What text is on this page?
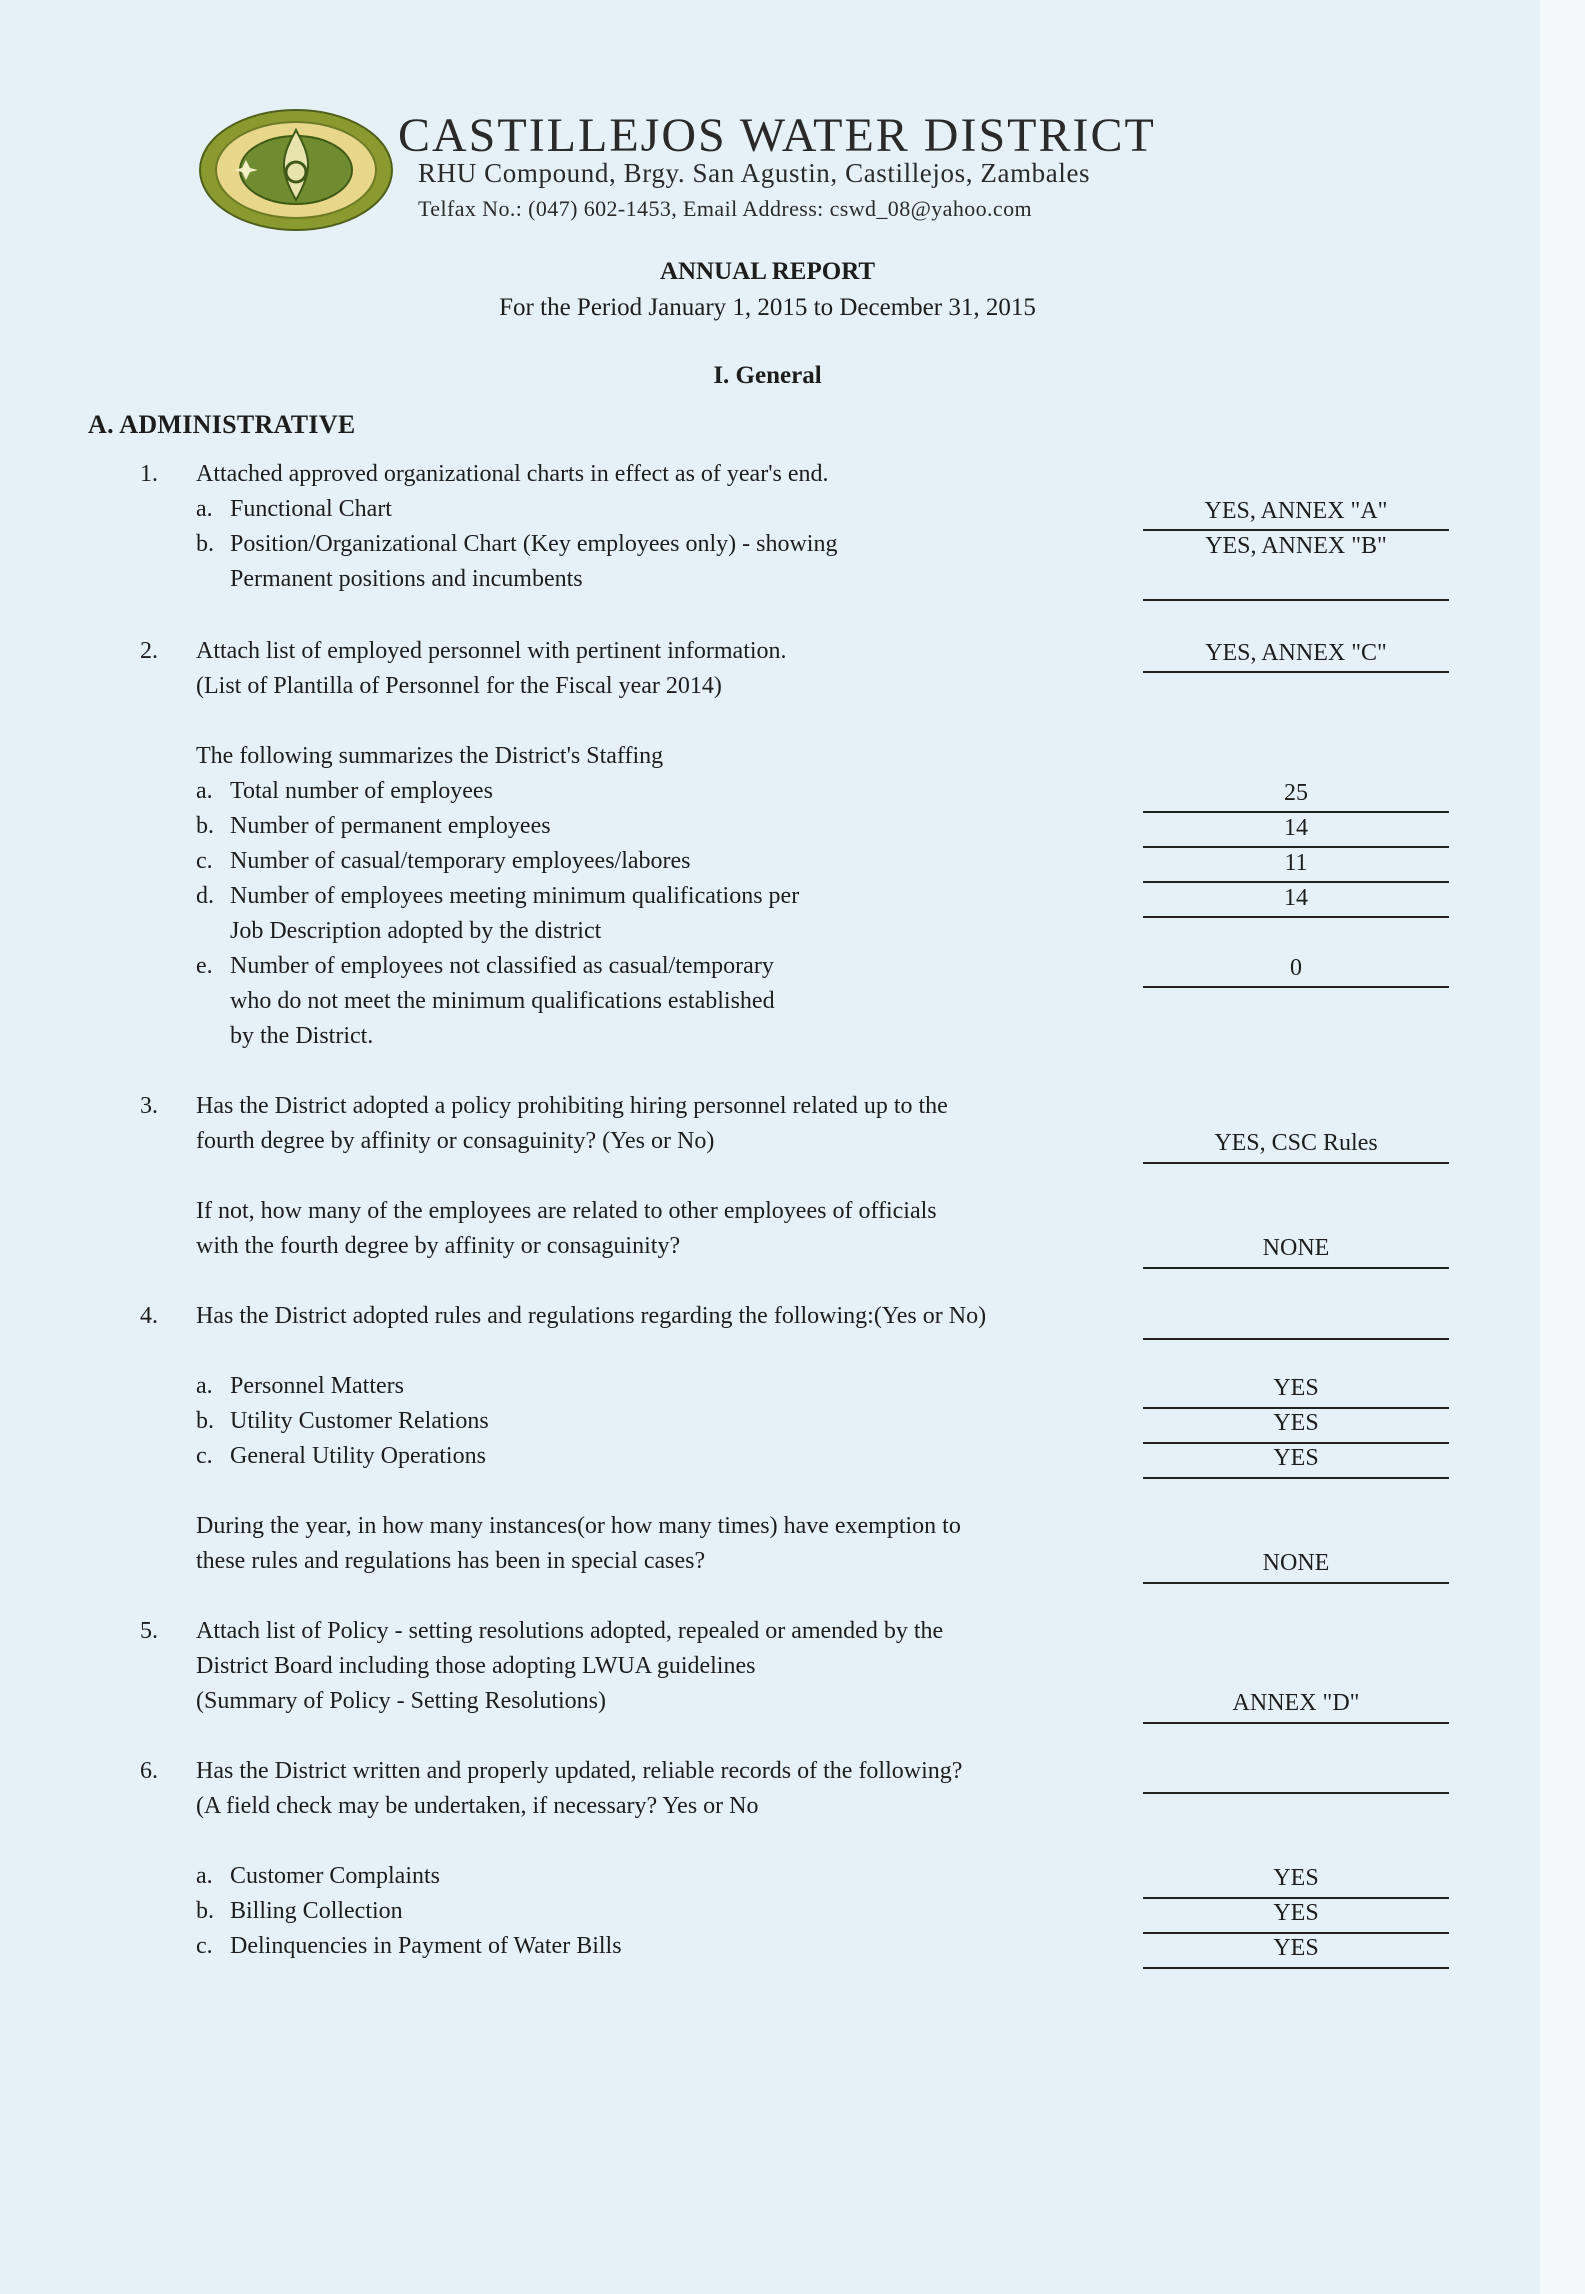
CASTILLEJOS WATER DISTRICT
RHU Compound, Brgy. San Agustin, Castillejos, Zambales
Telfax No.: (047) 602-1453, Email Address: cswd_08@yahoo.com
ANNUAL REPORT
For the Period January 1, 2015 to December 31, 2015
I. General
A. ADMINISTRATIVE
1. Attached approved organizational charts in effect as of year's end.
a. Functional Chart	YES, ANNEX "A"
b. Position/Organizational Chart (Key employees only) - showing	YES, ANNEX "B"
Permanent positions and incumbents
2. Attach list of employed personnel with pertinent information.	YES, ANNEX "C"
(List of Plantilla of Personnel for the Fiscal year 2014)
The following summarizes the District's Staffing
a. Total number of employees	25
b. Number of permanent employees	14
c. Number of casual/temporary employees/labores	11
d. Number of employees meeting minimum qualifications per	14
Job Description adopted by the district
e. Number of employees not classified as casual/temporary	0
who do not meet the minimum qualifications established
by the District.
3. Has the District adopted a policy prohibiting hiring personnel related up to the
fourth degree by affinity or consaguinity? (Yes or No)	YES, CSC Rules
If not, how many of the employees are related to other employees of officials
with the fourth degree by affinity or consaguinity?	NONE
4. Has the District adopted rules and regulations regarding the following:(Yes or No)
a. Personnel Matters	YES
b. Utility Customer Relations	YES
c. General Utility Operations	YES
During the year, in how many instances(or how many times) have exemption to
these rules and regulations has been in special cases?	NONE
5. Attach list of Policy - setting resolutions adopted, repealed or amended by the
District Board including those adopting LWUA guidelines
(Summary of Policy - Setting Resolutions)	ANNEX "D"
6. Has the District written and properly updated, reliable records of the following?
(A field check may be undertaken, if necessary? Yes or No
a. Customer Complaints	YES
b. Billing Collection	YES
c. Delinquencies in Payment of Water Bills	YES
